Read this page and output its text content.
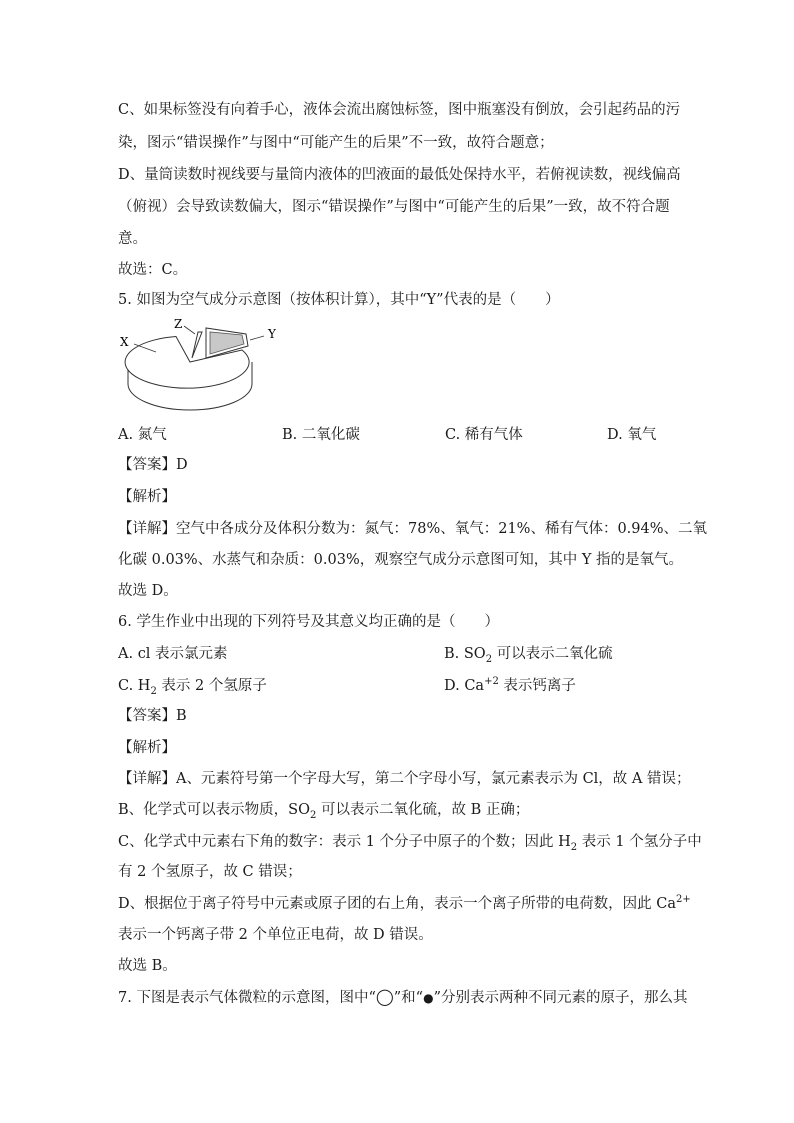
C、如果标签没有向着手心，液体会流出腐蚀标签，图中瓶塞没有倒放，会引起药品的污
染，图示“错误操作”与图中“可能产生的后果”不一致，故符合题意；
D、量筒读数时视线要与量筒内液体的凹液面的最低处保持水平，若俯视读数，视线偏高
（俯视）会导致读数偏大，图示“错误操作”与图中“可能产生的后果”一致，故不符合题
意。
故选：C。
5. 如图为空气成分示意图（按体积计算），其中“Y”代表的是（　　）
X
Y
Z
A. 氮气	B. 二氧化碳	C. 稀有气体	D. 氧气
【答案】D
【解析】
【详解】空气中各成分及体积分数为：氮气：78%、氧气：21%、稀有气体：0.94%、二氧
化碳 0.03%、水蒸气和杂质：0.03%，观察空气成分示意图可知，其中 Y 指的是氧气。
故选 D。
6. 学生作业中出现的下列符号及其意义均正确的是（　　）
A. cl 表示氯元素	B. $SO_2$ 可以表示二氧化硫
C. $H_2$ 表示 2 个氢原子	D. $Ca^{+2}$ 表示钙离子
【答案】B
【解析】
【详解】A、元素符号第一个字母大写，第二个字母小写，氯元素表示为 Cl，故 A 错误；
B、化学式可以表示物质，$SO_2$ 可以表示二氧化硫，故 B 正确；
C、化学式中元素右下角的数字：表示 1 个分子中原子的个数；因此 $H_2$ 表示 1 个氢分子中
有 2 个氢原子，故 C 错误；
D、根据位于离子符号中元素或原子团的右上角，表示一个离子所带的电荷数，因此 $Ca^{2+}$
表示一个钙离子带 2 个单位正电荷，故 D 错误。
故选 B。
7. 下图是表示气体微粒的示意图，图中“◯”和“●”分别表示两种不同元素的原子，那么其
